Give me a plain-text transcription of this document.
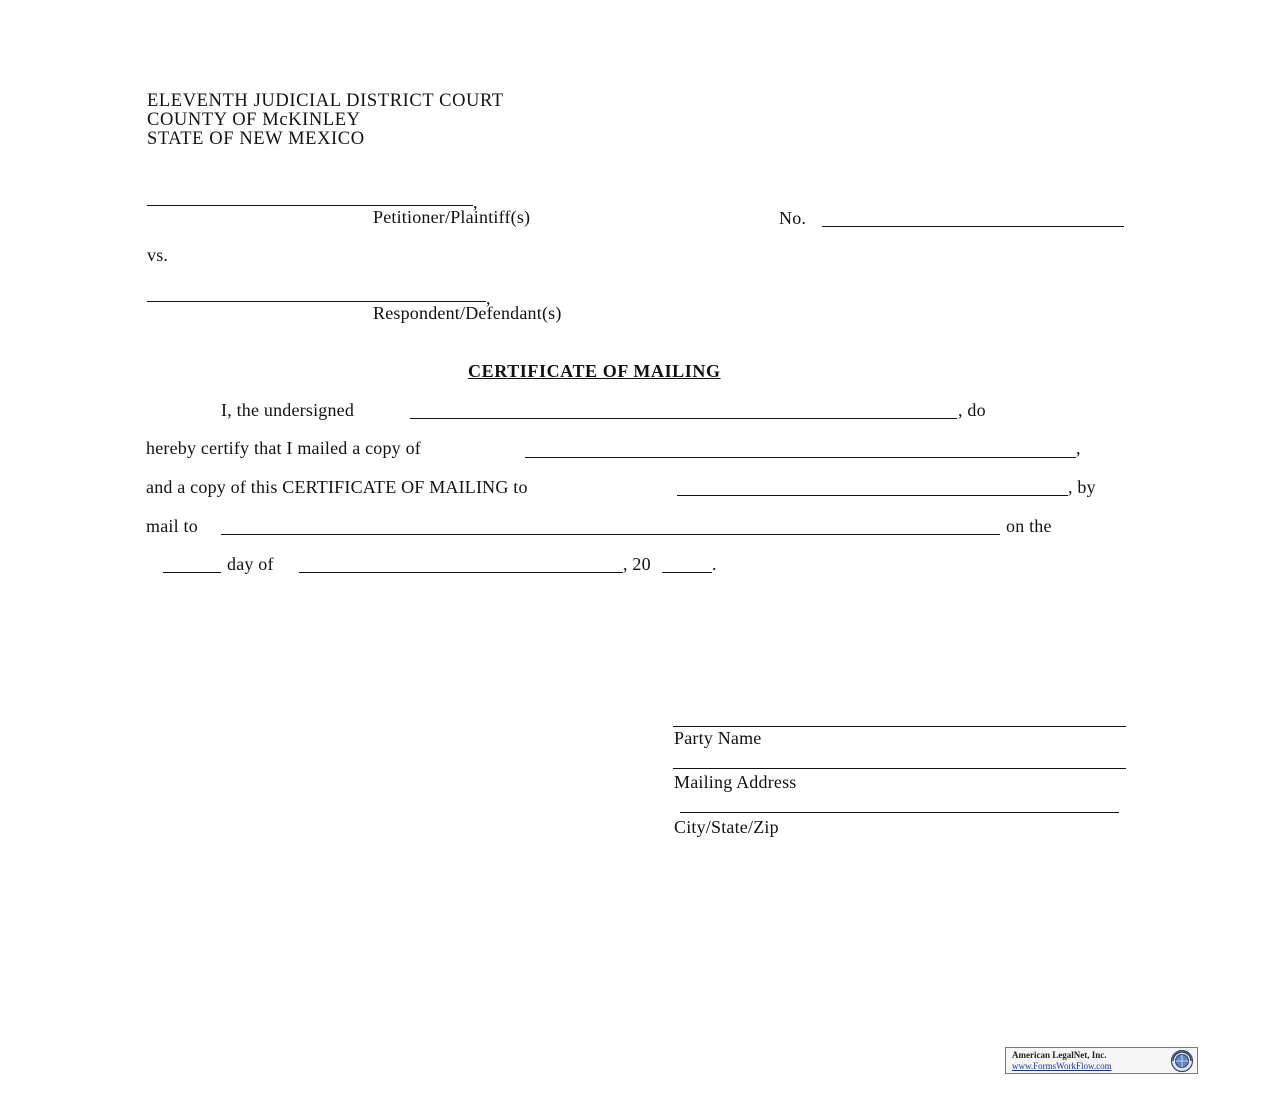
ELEVENTH JUDICIAL DISTRICT COURT
COUNTY OF McKINLEY
STATE OF NEW MEXICO
,
Petitioner/Plaintiff(s)	No.
vs.
,
Respondent/Defendant(s)
CERTIFICATE OF MAILING
I, the undersigned	, do
hereby certify that I mailed a copy of	,
and a copy of this CERTIFICATE OF MAILING to	, by
mail to	on the
day of	, 20	.
Party Name
Mailing Address
City/State/Zip
American LegalNet, Inc.
www.FormsWorkFlow.com
